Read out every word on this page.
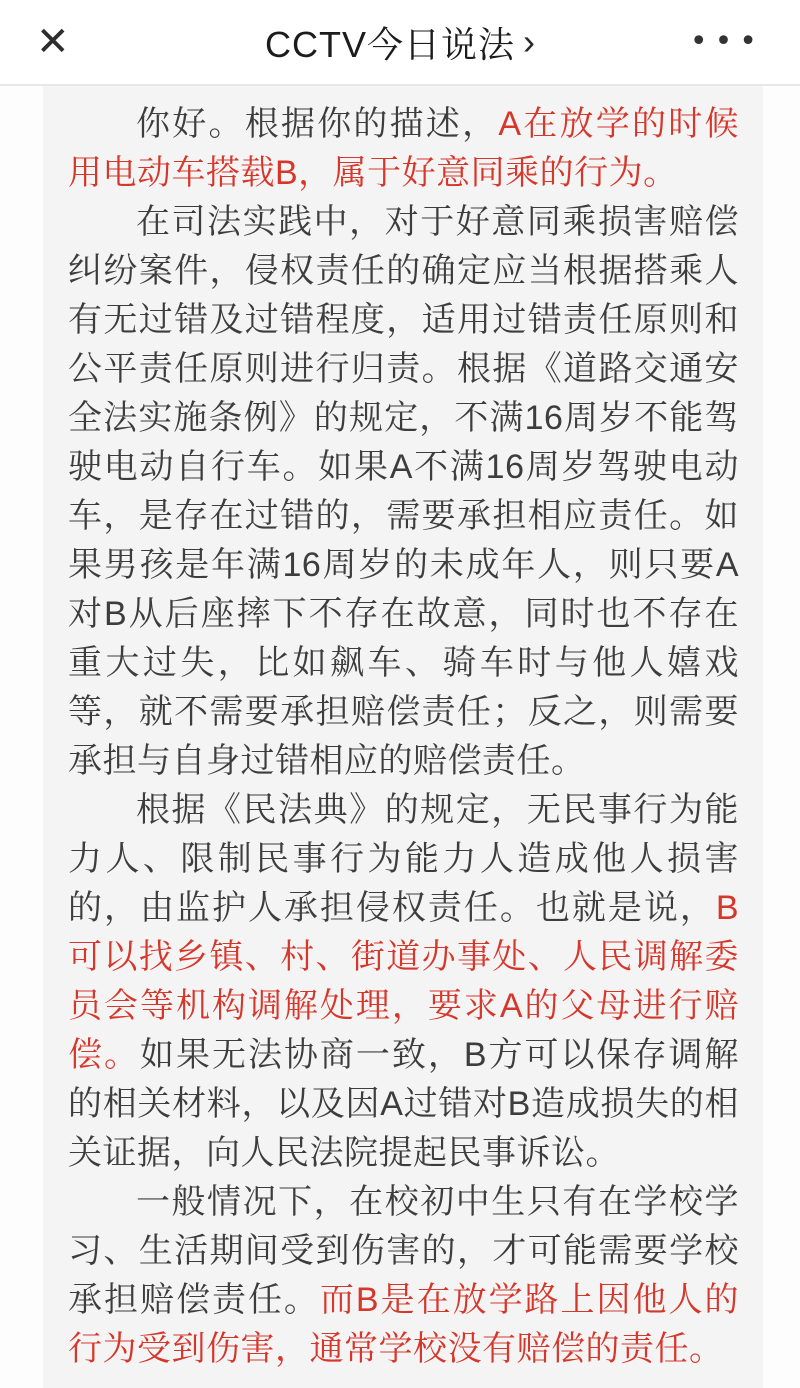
✕	CCTV今日说法 ›	•••

你好。根据你的描述，A在放学的时候用电动车搭载B，属于好意同乘的行为。

在司法实践中，对于好意同乘损害赔偿纠纷案件，侵权责任的确定应当根据搭乘人有无过错及过错程度，适用过错责任原则和公平责任原则进行归责。根据《道路交通安全法实施条例》的规定，不满16周岁不能驾驶电动自行车。如果A不满16周岁驾驶电动车，是存在过错的，需要承担相应责任。如果男孩是年满16周岁的未成年人，则只要A对B从后座摔下不存在故意，同时也不存在重大过失，比如飙车、骑车时与他人嬉戏等，就不需要承担赔偿责任；反之，则需要承担与自身过错相应的赔偿责任。

根据《民法典》的规定，无民事行为能力人、限制民事行为能力人造成他人损害的，由监护人承担侵权责任。也就是说，B可以找乡镇、村、街道办事处、人民调解委员会等机构调解处理，要求A的父母进行赔偿。如果无法协商一致，B方可以保存调解的相关材料，以及因A过错对B造成损失的相关证据，向人民法院提起民事诉讼。

一般情况下，在校初中生只有在学校学习、生活期间受到伤害的，才可能需要学校承担赔偿责任。而B是在放学路上因他人的行为受到伤害，通常学校没有赔偿的责任。
